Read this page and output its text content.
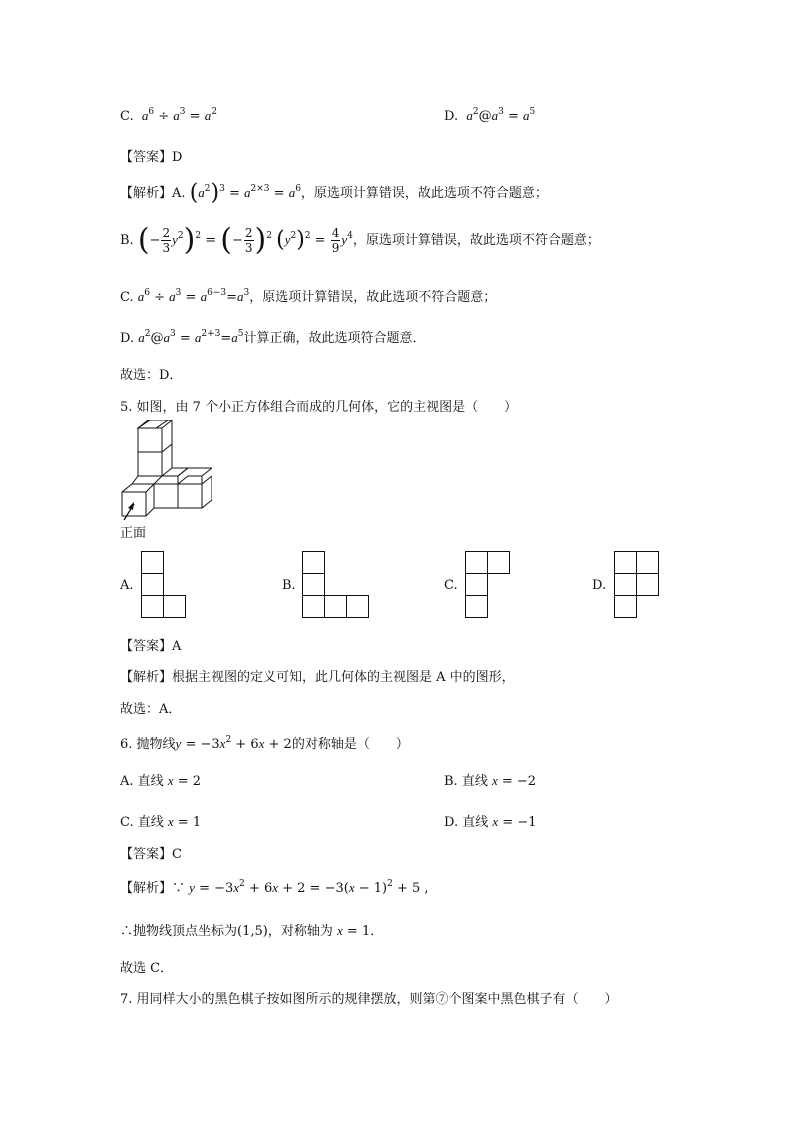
C. $a^6 \div a^3 = a^2$	D. $a^2@a^3 = a^5$
【答案】D
【解析】A. $(a^2)^3 = a^{2\times 3} = a^6$，原选项计算错误，故此选项不符合题意；
B. (− $\frac{2}{3} y^2)^2$ = (− $\frac{2}{3} )^2$ $(y^2)^2 = \frac{4}{9} y^4$，原选项计算错误，故此选项不符合题意；
C. $a^6 \div a^3 = a^{6-3}=a^3$，原选项计算错误，故此选项不符合题意；
D. $a^2@a^3 = a^{2+3}=a^5$计算正确，故此选项符合题意．
故选：D．
5. 如图，由 7 个小正方体组合而成的几何体，它的主视图是（　　）
正面
A.	B.	C.	D.
【答案】A
【解析】根据主视图的定义可知，此几何体的主视图是 A 中的图形，
故选：A．
6. 抛物线$y = -3x^2 + 6x + 2$的对称轴是（　　）
A. 直线 x = 2	B. 直线 x = −2
C. 直线 x = 1	D. 直线 x = −1
【答案】C
【解析】∵ $y = -3x^2 + 6x + 2 = -3(x - 1)^2 + 5$ ,
∴抛物线顶点坐标为(1,5)，对称轴为 x = 1．
故选 C．
7. 用同样大小的黑色棋子按如图所示的规律摆放，则第⑦个图案中黑色棋子有（　　）
